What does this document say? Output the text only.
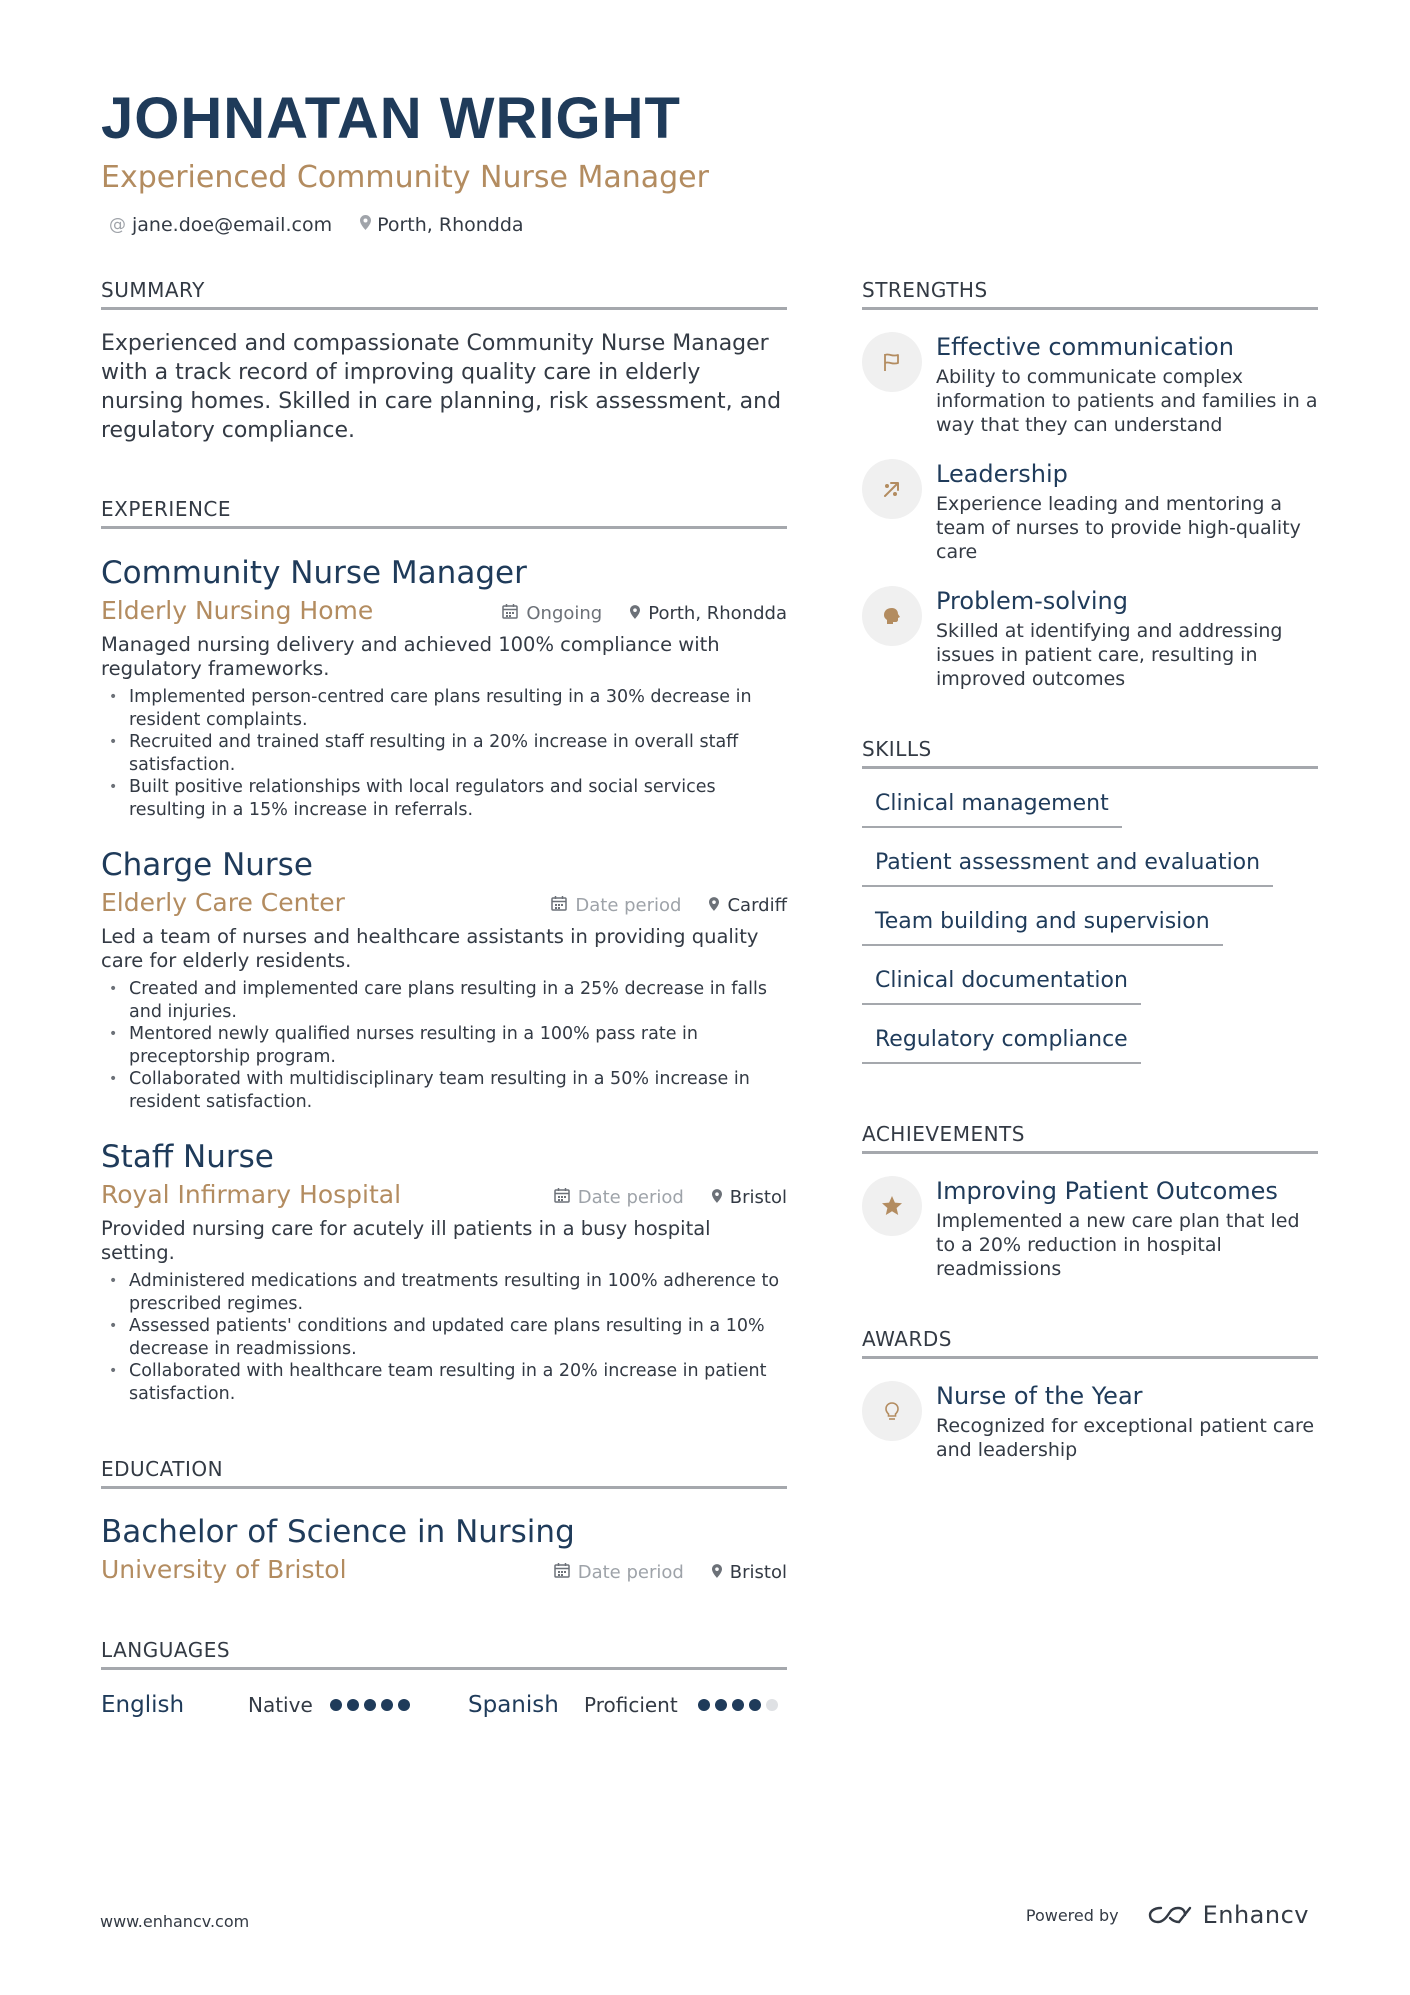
JOHNATAN WRIGHT
Experienced Community Nurse Manager
@ jane.doe@email.com Porth, Rhondda
SUMMARY
Experienced and compassionate Community Nurse Manager with a track record of improving quality care in elderly nursing homes. Skilled in care planning, risk assessment, and regulatory compliance.
EXPERIENCE
Community Nurse Manager
Elderly Nursing Home	Ongoing	Porth, Rhondda
Managed nursing delivery and achieved 100% compliance with regulatory frameworks.
• Implemented person-centred care plans resulting in a 30% decrease in resident complaints.
• Recruited and trained staff resulting in a 20% increase in overall staff satisfaction.
• Built positive relationships with local regulators and social services resulting in a 15% increase in referrals.
Charge Nurse
Elderly Care Center	Date period	Cardiff
Led a team of nurses and healthcare assistants in providing quality care for elderly residents.
• Created and implemented care plans resulting in a 25% decrease in falls and injuries.
• Mentored newly qualified nurses resulting in a 100% pass rate in preceptorship program.
• Collaborated with multidisciplinary team resulting in a 50% increase in resident satisfaction.
Staff Nurse
Royal Infirmary Hospital	Date period	Bristol
Provided nursing care for acutely ill patients in a busy hospital setting.
• Administered medications and treatments resulting in 100% adherence to prescribed regimes.
• Assessed patients' conditions and updated care plans resulting in a 10% decrease in readmissions.
• Collaborated with healthcare team resulting in a 20% increase in patient satisfaction.
EDUCATION
Bachelor of Science in Nursing
University of Bristol	Date period	Bristol
LANGUAGES
English	Native	Spanish	Proficient
STRENGTHS
Effective communication
Ability to communicate complex information to patients and families in a way that they can understand
Leadership
Experience leading and mentoring a team of nurses to provide high-quality care
Problem-solving
Skilled at identifying and addressing issues in patient care, resulting in improved outcomes
SKILLS
Clinical management
Patient assessment and evaluation
Team building and supervision
Clinical documentation
Regulatory compliance
ACHIEVEMENTS
Improving Patient Outcomes
Implemented a new care plan that led to a 20% reduction in hospital readmissions
AWARDS
Nurse of the Year
Recognized for exceptional patient care and leadership
www.enhancv.com	Powered by	Enhancv
